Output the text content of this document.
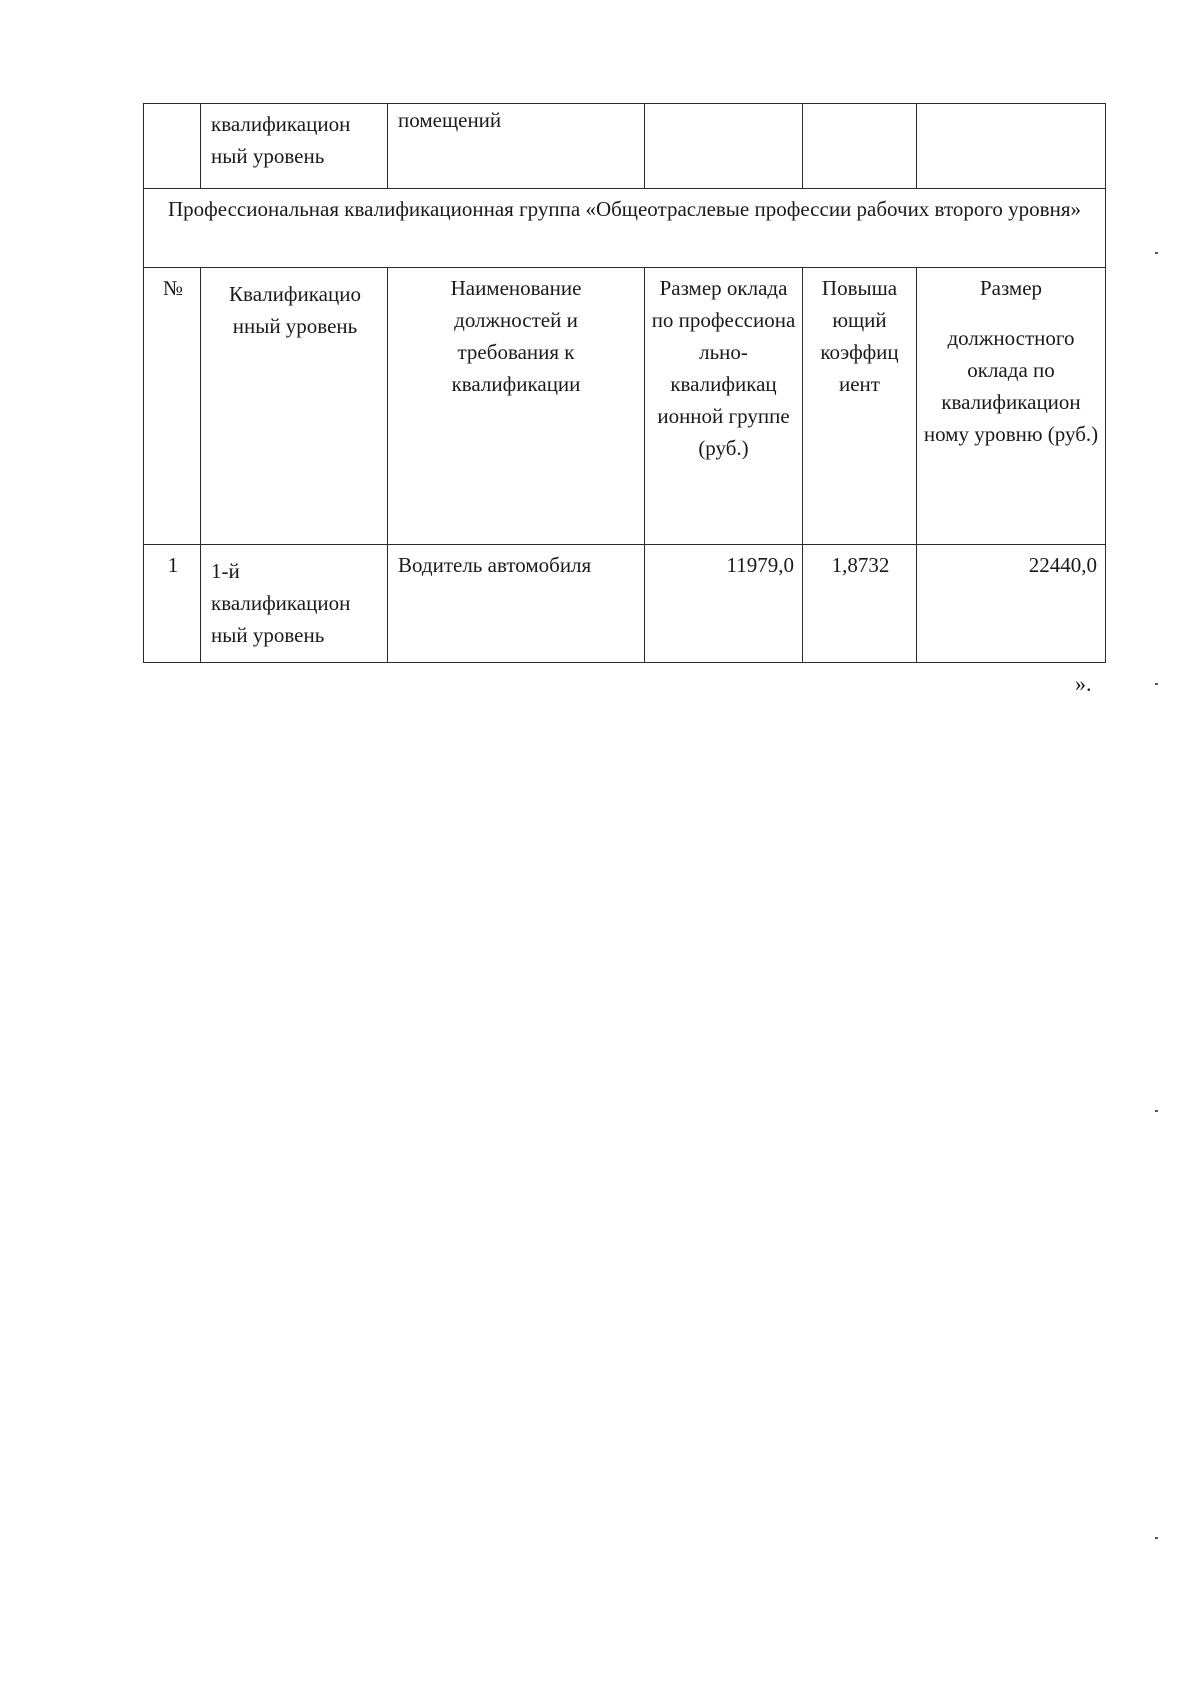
	квалификацион ный уровень	помещений			

Профессиональная квалификационная группа «Общеотраслевые профессии рабочих второго уровня»					

№	Квалификацио нный уровень	Наименование должностей и требования к квалификации	Размер оклада по профессиона льно-квалификац ионной группе (руб.)	Повыша ющий коэффиц иент	Размер
должностного оклада по квалификацион ному уровню (руб.)

1	1-й квалификацион ный уровень	Водитель автомобиля	11979,0	1,8732	22440,0
».
